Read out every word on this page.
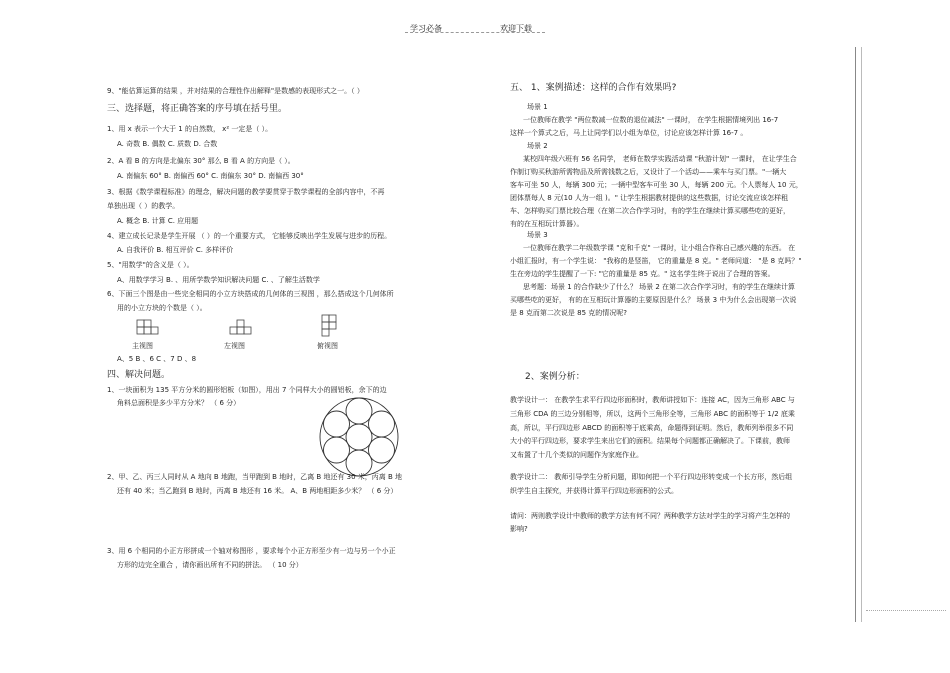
学习必备	欢迎下载
9、"能估算运算的结果 ，并对结果的合理性作出解释"是数感的表现形式之一。（ ）
三、选择题，将正确答案的序号填在括号里。
1、用 x 表示一个大于 1 的自然数， x² 一定是（ ）。
A. 奇数 B. 偶数 C. 质数 D. 合数
2、A 看 B 的方向是北偏东 30° 那么 B 看 A 的方向是（ ）。
A. 南偏东 60° B. 南偏西 60° C. 南偏东 30° D. 南偏西 30°
3、根据《数学课程标准》的理念，解决问题的教学要贯穿于数学课程的全部内容中，不再
单独出现（ ）的教学。
A. 概念 B. 计算 C. 应用题
4、建立成长记录是学生开展 （ ）的一个重要方式， 它能够反映出学生发展与进步的历程。
A. 自我评价 B. 相互评价 C. 多样评价
5、"用数学"的含义是（ ）。
A、用数学学习 B. 、用所学数学知识解决问题 C. 、了解生活数学
6、下面三个图是由一些完全相同的小立方块搭成的几何体的三视图 ，那么搭成这个几何体所
用的小立方块的个数是（ ）。
主视图	左视图	俯视图
A、5 B 、6 C 、7 D 、8
四、解决问题。
1、一块面积为 135 平方分米的圆形铝板（如图），用出 7 个同样大小的圆铝板，余下的边
角料总面积是多少平方分米？ （ 6 分）
2、甲、乙、丙三人同时从 A 地向 B 地跑，当甲跑到 B 地时，乙离 B 地还有 30 米，丙离 B 地
还有 40 米；当乙跑到 B 地时，丙离 B 地还有 16 米。 A、B 两地相距多少米？ （ 6 分）
3、用 6 个相同的小正方形拼成一个轴对称图形 ，要求每个小正方形至少有一边与另一个小正
方形的边完全重合 ，请你画出所有不同的拼法。 （ 10 分）
五、 1、案例描述：这样的合作有效果吗?
场景 1
一位教师在教学 "两位数减一位数的退位减法" 一课时， 在学生根据情境列出 16-7
这样一个算式之后，马上让同学们以小组为单位，讨论应该怎样计算 16-7 。
场景 2
某校四年级六班有 56 名同学， 老师在数学实践活动课 "秋游计划" 一课时， 在让学生合
作制订购买秋游所需物品及所需钱数之后，又设计了一个活动——乘车与买门票。"一辆大
客车可坐 50 人，每辆 300 元；一辆中型客车可坐 30 人，每辆 200 元。个人票每人 10 元，
团体票每人 8 元(10 人为一组 )。" 让学生根据教材提供的这些数据，讨论交流应该怎样租
车、怎样购买门票比较合理（在第二次合作学习时，有的学生在继续计算买哪些吃的更好，
有的在互相玩计算器）。
场景 3
一位教师在教学二年级数学课 "克和千克" 一课时，让小组合作称自己感兴趣的东西。 在
小组汇报时，有一个学生说： "我称的是竖笛， 它的重量是 8 克。" 老师问道： "是 8 克吗？"
生在旁边的学生提醒了一下: "它的重量是 85 克。" 这名学生终于说出了合理的答案。
思考题：场景 1 的合作缺少了什么？ 场景 2 在第二次合作学习时，有的学生在继续计算
买哪些吃的更好， 有的在互相玩计算器的主要原因是什么？ 场景 3 中为什么会出现第一次说
是 8 克而第二次说是 85 克的情况呢?
2、案例分析：
教学设计一： 在教学生求平行四边形面积时，教师讲授如下：连接 AC，因为三角形 ABC 与
三角形 CDA 的三边分别相等，所以，这两个三角形全等，三角形 ABC 的面积等于 1/2 底乘
高，所以，平行四边形 ABCD 的面积等于底乘高，命题得到证明。然后，教师列举很多不同
大小的平行四边形，要求学生来出它们的面积。结果每个问题都正确解决了。下课前，教师
又布置了十几个类似的问题作为家庭作业。
教学设计二： 教师引导学生分析问题，即如何把一个平行四边形转变成一个长方形，然后组
织学生自主探究，并获得计算平行四边形面积的公式。
请问：两则教学设计中教师的教学方法有何不同？两种教学方法对学生的学习将产生怎样的
影响?
